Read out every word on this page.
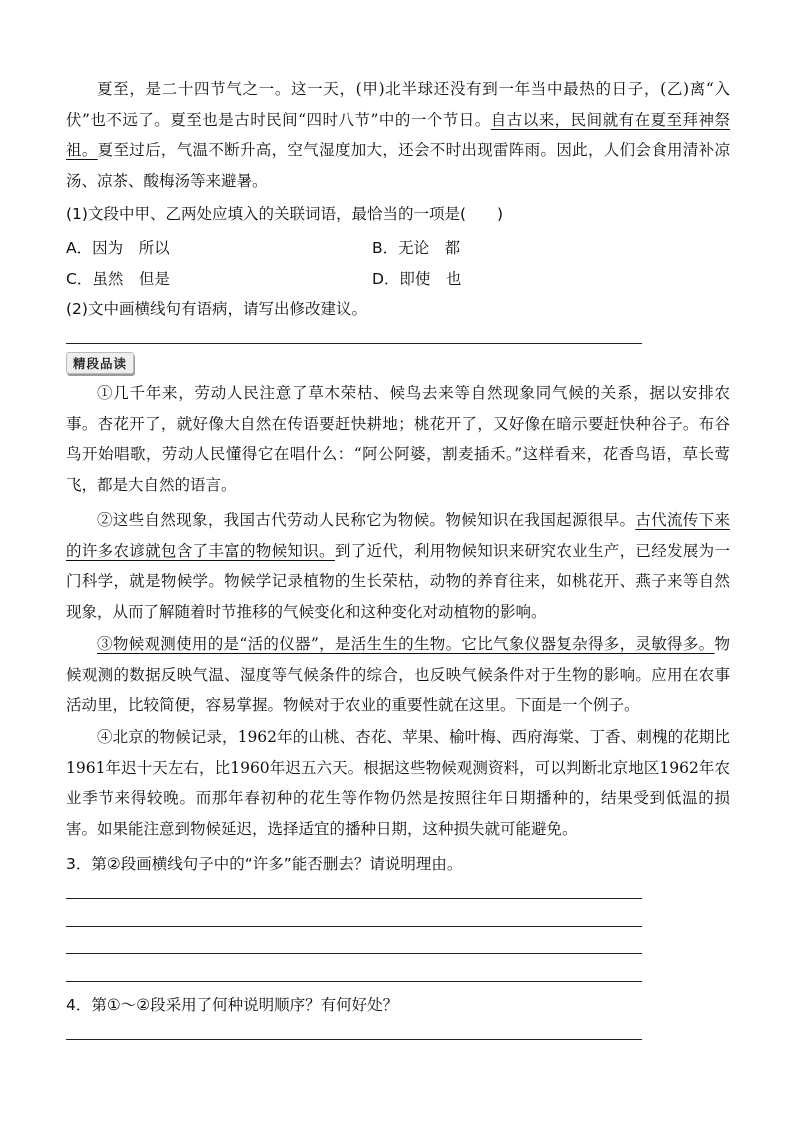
夏至，是二十四节气之一。这一天，(甲)北半球还没有到一年当中最热的日子，(乙)离“入伏”也不远了。夏至也是古时民间“四时八节”中的一个节日。自古以来，民间就有在夏至拜神祭祖。夏至过后，气温不断升高，空气湿度加大，还会不时出现雷阵雨。因此，人们会食用清补凉汤、凉茶、酸梅汤等来避暑。

(1)文段中甲、乙两处应填入的关联词语，最恰当的一项是(　　)

A．因为　所以	B．无论　都
C．虽然　但是	D．即使　也

(2)文中画横线句有语病，请写出修改建议。

精段品读

①几千年来，劳动人民注意了草木荣枯、候鸟去来等自然现象同气候的关系，据以安排农事。杏花开了，就好像大自然在传语要赶快耕地；桃花开了，又好像在暗示要赶快种谷子。布谷鸟开始唱歌，劳动人民懂得它在唱什么：“阿公阿婆，割麦插禾。”这样看来，花香鸟语，草长莺飞，都是大自然的语言。

②这些自然现象，我国古代劳动人民称它为物候。物候知识在我国起源很早。古代流传下来的许多农谚就包含了丰富的物候知识。到了近代，利用物候知识来研究农业生产，已经发展为一门科学，就是物候学。物候学记录植物的生长荣枯，动物的养育往来，如桃花开、燕子来等自然现象，从而了解随着时节推移的气候变化和这种变化对动植物的影响。

③物候观测使用的是“活的仪器”，是活生生的生物。它比气象仪器复杂得多，灵敏得多。物候观测的数据反映气温、湿度等气候条件的综合，也反映气候条件对于生物的影响。应用在农事活动里，比较简便，容易掌握。物候对于农业的重要性就在这里。下面是一个例子。

④北京的物候记录，1962年的山桃、杏花、苹果、榆叶梅、西府海棠、丁香、刺槐的花期比1961年迟十天左右，比1960年迟五六天。根据这些物候观测资料，可以判断北京地区1962年农业季节来得较晚。而那年春初种的花生等作物仍然是按照往年日期播种的，结果受到低温的损害。如果能注意到物候延迟，选择适宜的播种日期，这种损失就可能避免。

3．第②段画横线句子中的“许多”能否删去？请说明理由。

4．第①～②段采用了何种说明顺序？有何好处？
